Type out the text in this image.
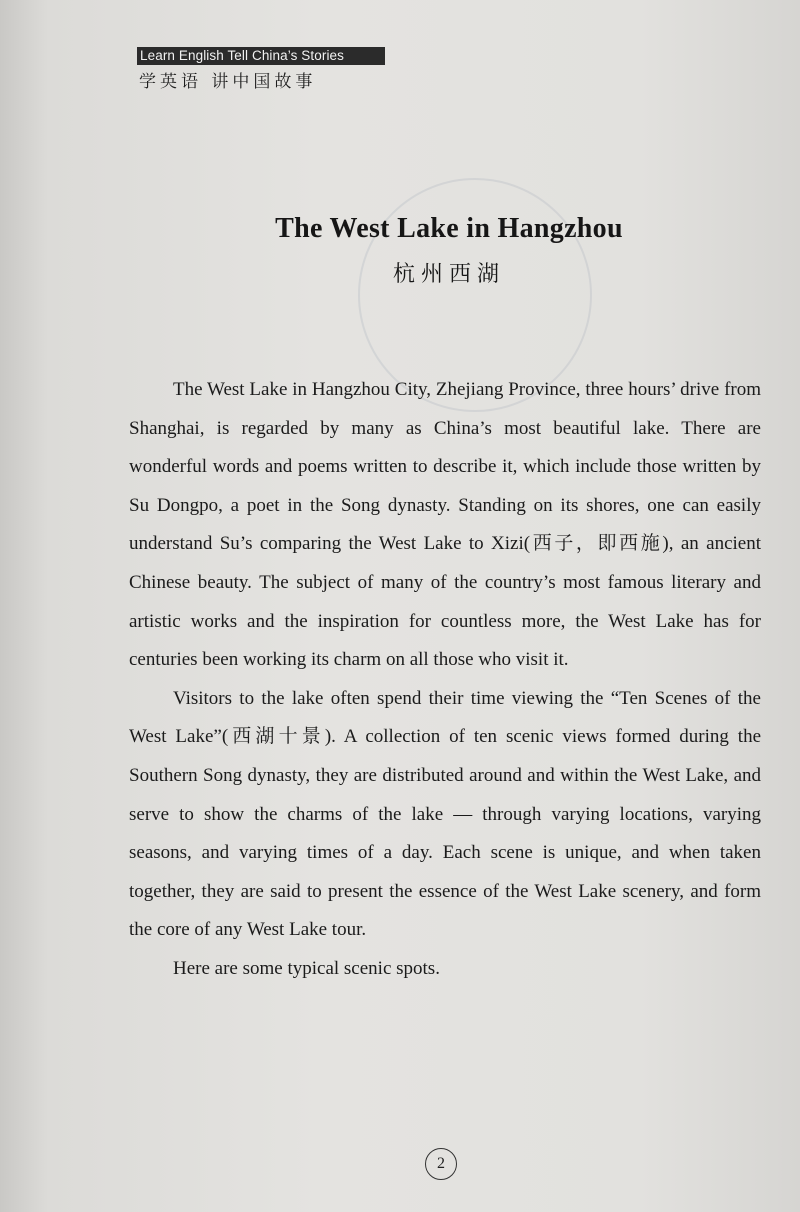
Learn English Tell China’s Stories
学英语 讲中国故事
The West Lake in Hangzhou
杭州西湖

The West Lake in Hangzhou City, Zhejiang Province, three hours’ drive from Shanghai, is regarded by many as China’s most beautiful lake. There are wonderful words and poems written to describe it, which include those written by Su Dongpo, a poet in the Song dynasty. Standing on its shores, one can easily understand Su’s comparing the West Lake to Xizi(西子，即西施), an ancient Chinese beauty. The subject of many of the country’s most famous literary and artistic works and the inspiration for countless more, the West Lake has for centuries been working its charm on all those who visit it.

Visitors to the lake often spend their time viewing the “Ten Scenes of the West Lake”(西湖十景). A collection of ten scenic views formed during the Southern Song dynasty, they are distributed around and within the West Lake, and serve to show the charms of the lake — through varying locations, varying seasons, and varying times of a day. Each scene is unique, and when taken together, they are said to present the essence of the West Lake scenery, and form the core of any West Lake tour.

Here are some typical scenic spots.

2
